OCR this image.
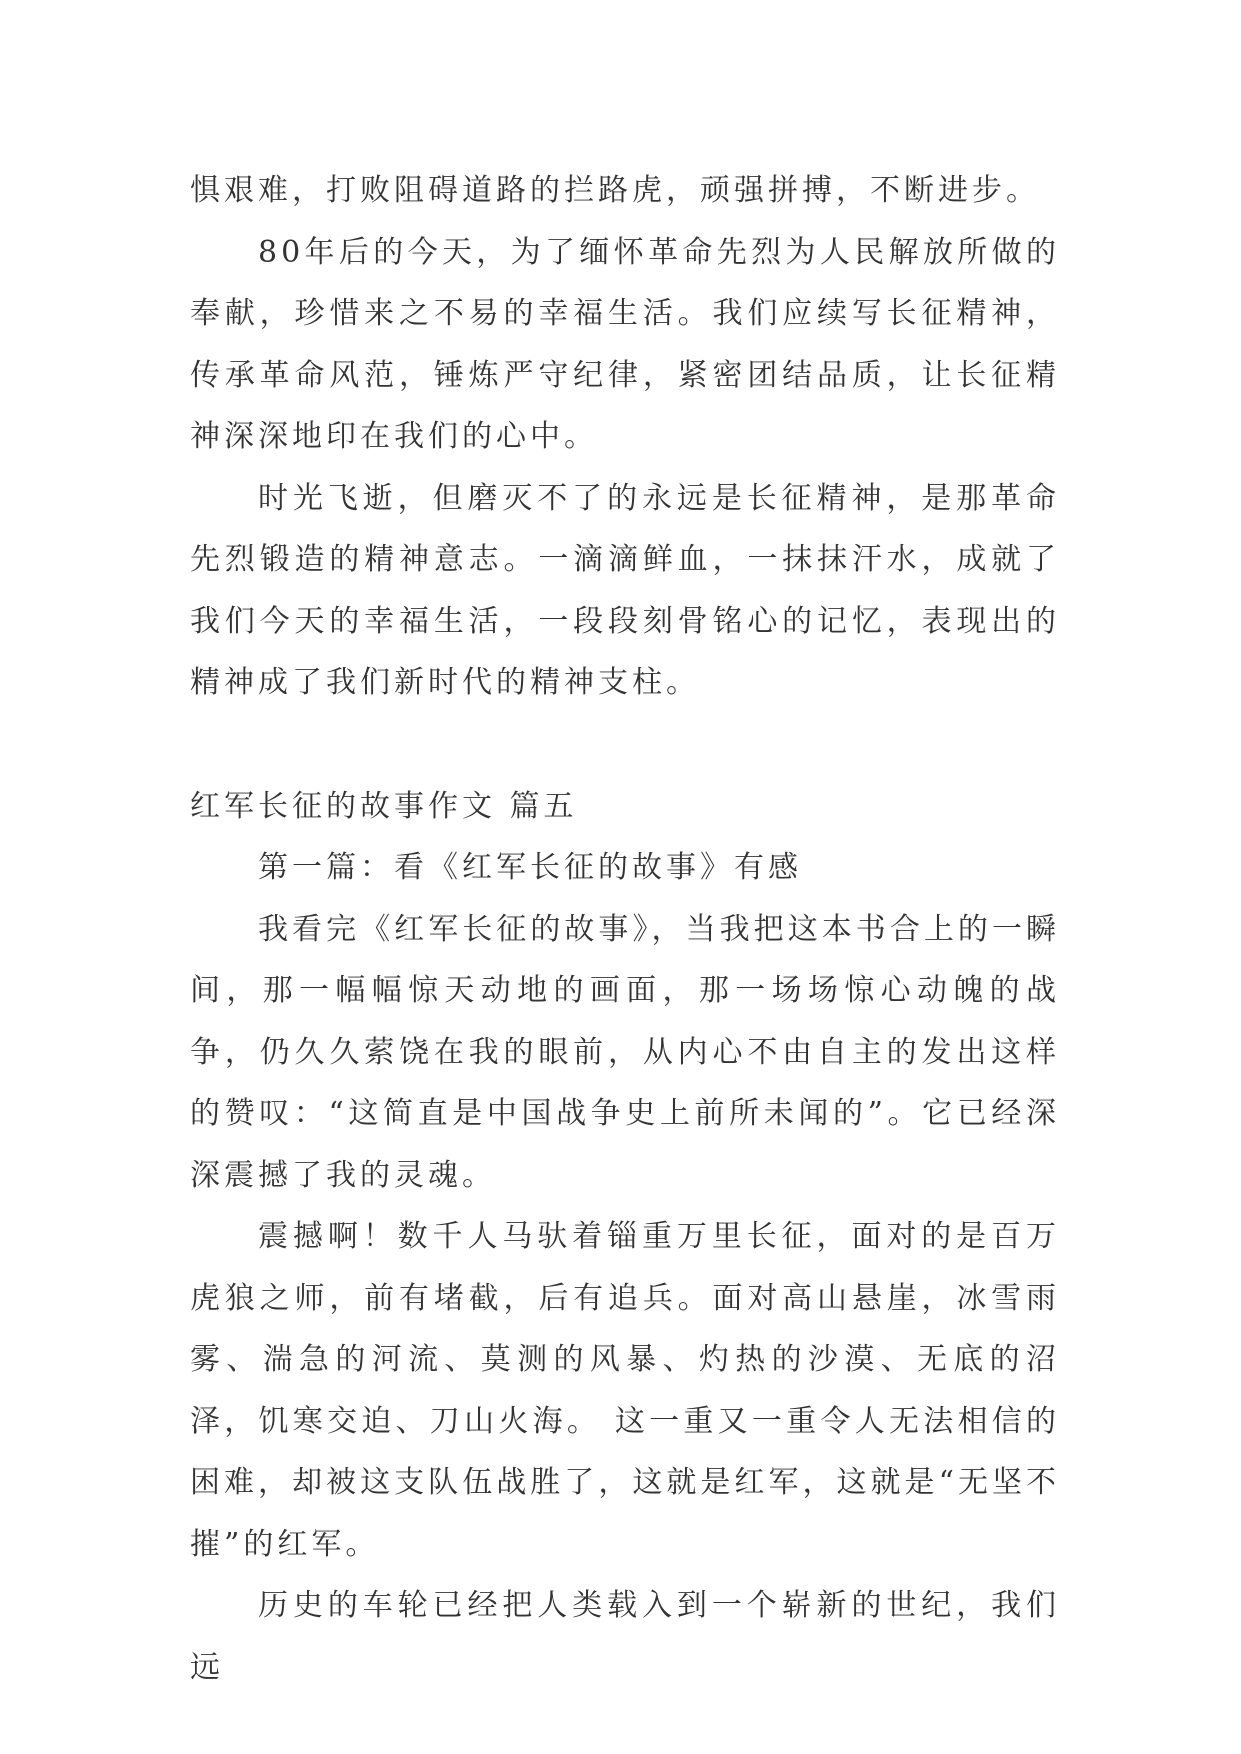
惧艰难，打败阻碍道路的拦路虎，顽强拼搏，不断进步。

80年后的今天，为了缅怀革命先烈为人民解放所做的奉献，珍惜来之不易的幸福生活。我们应续写长征精神，传承革命风范，锤炼严守纪律，紧密团结品质，让长征精神深深地印在我们的心中。

时光飞逝，但磨灭不了的永远是长征精神，是那革命先烈锻造的精神意志。一滴滴鲜血，一抹抹汗水，成就了我们今天的幸福生活，一段段刻骨铭心的记忆，表现出的精神成了我们新时代的精神支柱。

红军长征的故事作文 篇五

第一篇：看《红军长征的故事》有感

我看完《红军长征的故事》，当我把这本书合上的一瞬间，那一幅幅惊天动地的画面，那一场场惊心动魄的战争，仍久久萦饶在我的眼前，从内心不由自主的发出这样的赞叹：“这简直是中国战争史上前所未闻的”。它已经深深震撼了我的灵魂。

震撼啊！数千人马驮着锱重万里长征，面对的是百万虎狼之师，前有堵截，后有追兵。面对高山悬崖，冰雪雨雾、湍急的河流、莫测的风暴、灼热的沙漠、无底的沼泽，饥寒交迫、刀山火海。 这一重又一重令人无法相信的困难，却被这支队伍战胜了，这就是红军，这就是“无坚不摧”的红军。

历史的车轮已经把人类载入到一个崭新的世纪，我们远
